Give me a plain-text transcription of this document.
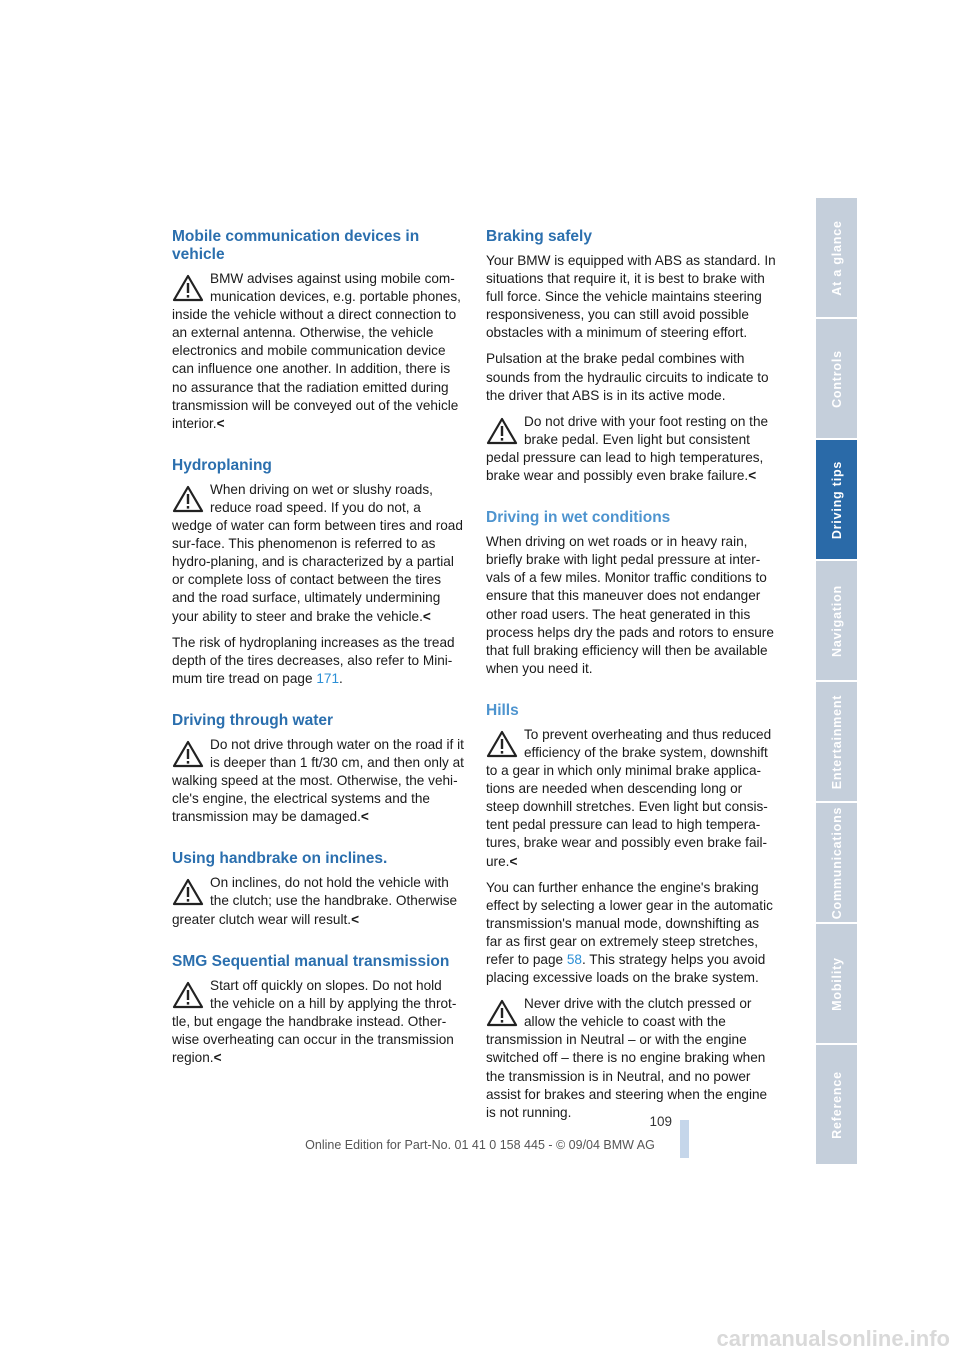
Mobile communication devices in vehicle
BMW advises against using mobile com-munication devices, e.g. portable phones, inside the vehicle without a direct connection to an external antenna. Otherwise, the vehicle electronics and mobile communication device can influence one another. In addition, there is no assurance that the radiation emitted during transmission will be conveyed out of the vehicle interior.<
Hydroplaning
When driving on wet or slushy roads, reduce road speed. If you do not, a wedge of water can form between tires and road sur-face. This phenomenon is referred to as hydro-planing, and is characterized by a partial or complete loss of contact between the tires and the road surface, ultimately undermining your ability to steer and brake the vehicle.<

The risk of hydroplaning increases as the tread depth of the tires decreases, also refer to Mini-mum tire tread on page 171.

Driving through water
Do not drive through water on the road if it is deeper than 1 ft/30 cm, and then only at walking speed at the most. Otherwise, the vehi-cle's engine, the electrical systems and the transmission may be damaged.<
Using handbrake on inclines.
On inclines, do not hold the vehicle with the clutch; use the handbrake. Otherwise greater clutch wear will result.<
SMG Sequential manual transmission
Start off quickly on slopes. Do not hold the vehicle on a hill by applying the throt-tle, but engage the handbrake instead. Other-wise overheating can occur in the transmission region.<
Braking safely

Your BMW is equipped with ABS as standard. In situations that require it, it is best to brake with full force. Since the vehicle maintains steering responsiveness, you can still avoid possible obstacles with a minimum of steering effort.

Pulsation at the brake pedal combines with sounds from the hydraulic circuits to indicate to the driver that ABS is in its active mode.

Do not drive with your foot resting on the brake pedal. Even light but consistent pedal pressure can lead to high temperatures, brake wear and possibly even brake failure.<
Driving in wet conditions

When driving on wet roads or in heavy rain, briefly brake with light pedal pressure at inter-vals of a few miles. Monitor traffic conditions to ensure that this maneuver does not endanger other road users. The heat generated in this process helps dry the pads and rotors to ensure that full braking efficiency will then be available when you need it.

Hills
To prevent overheating and thus reduced efficiency of the brake system, downshift to a gear in which only minimal brake applica-tions are needed when descending long or steep downhill stretches. Even light but consis-tent pedal pressure can lead to high tempera-tures, brake wear and possibly even brake fail-ure.<

You can further enhance the engine's braking effect by selecting a lower gear in the automatic transmission's manual mode, downshifting as far as first gear on extremely steep stretches, refer to page 58. This strategy helps you avoid placing excessive loads on the brake system.

Never drive with the clutch pressed or allow the vehicle to coast with the transmission in Neutral – or with the engine switched off – there is no engine braking when the transmission is in Neutral, and no power assist for brakes and steering when the engine is not running.
At a glance
Controls
Driving tips
Navigation
Entertainment
Communications
Mobility
Reference
109
Online Edition for Part-No. 01 41 0 158 445 - © 09/04 BMW AG
carmanualsonline.info
